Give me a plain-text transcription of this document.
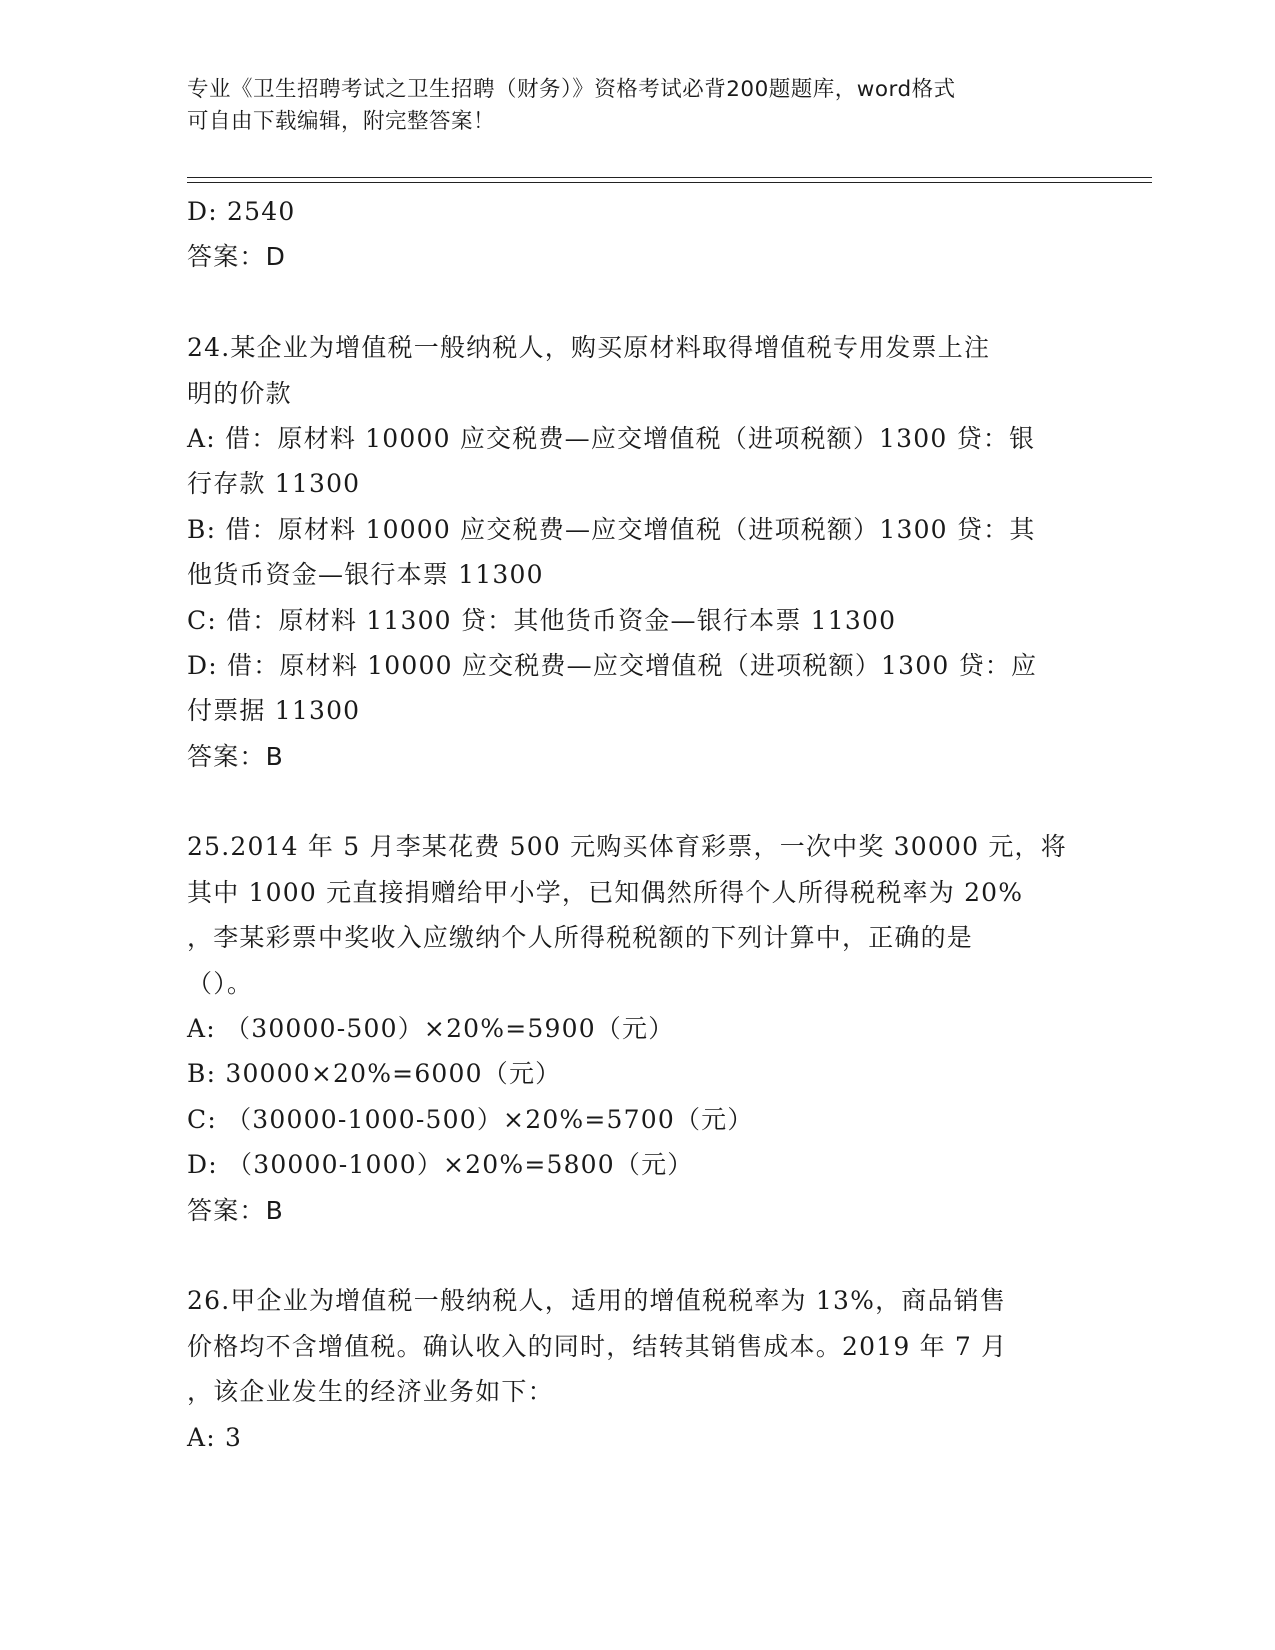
专业《卫生招聘考试之卫生招聘（财务）》资格考试必背200题题库，word格式
可自由下载编辑，附完整答案！
D: 2540
答案：D
24.某企业为增值税一般纳税人，购买原材料取得增值税专用发票上注
明的价款
A: 借：原材料 10000 应交税费—应交增值税（进项税额）1300 贷：银
行存款 11300
B: 借：原材料 10000 应交税费—应交增值税（进项税额）1300 贷：其
他货币资金—银行本票 11300
C: 借：原材料 11300 贷：其他货币资金—银行本票 11300
D: 借：原材料 10000 应交税费—应交增值税（进项税额）1300 贷：应
付票据 11300
答案：B
25.2014 年 5 月李某花费 500 元购买体育彩票，一次中奖 30000 元，将
其中 1000 元直接捐赠给甲小学，已知偶然所得个人所得税税率为 20%
，李某彩票中奖收入应缴纳个人所得税税额的下列计算中，正确的是
（）。
A: （30000-500）×20%=5900（元）
B: 30000×20%=6000（元）
C: （30000-1000-500）×20%=5700（元）
D: （30000-1000）×20%=5800（元）
答案：B
26.甲企业为增值税一般纳税人，适用的增值税税率为 13%，商品销售
价格均不含增值税。确认收入的同时，结转其销售成本。2019 年 7 月
，该企业发生的经济业务如下：
A: 3
